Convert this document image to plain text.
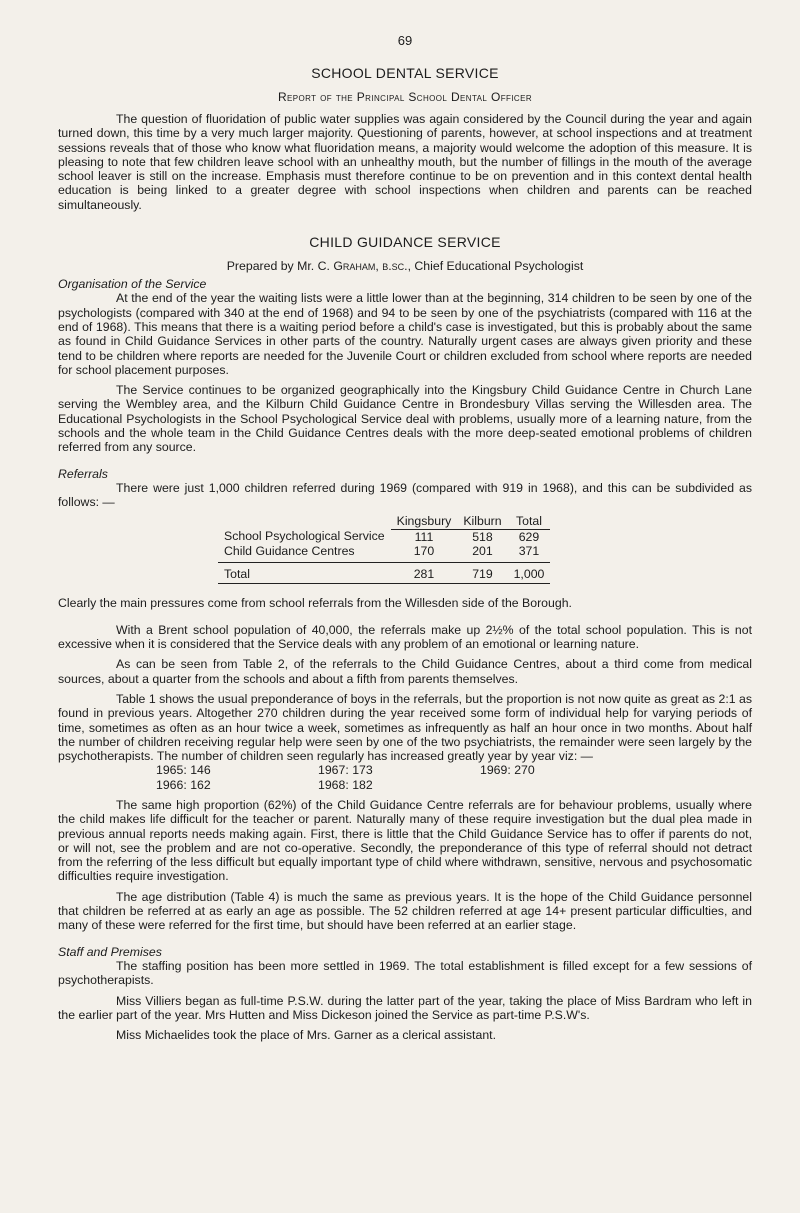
69
SCHOOL DENTAL SERVICE
Report of the Principal School Dental Officer

The question of fluoridation of public water supplies was again considered by the Council during the year and again turned down, this time by a very much larger majority. Questioning of parents, however, at school inspections and at treatment sessions reveals that of those who know what fluoridation means, a majority would welcome the adoption of this measure. It is pleasing to note that few children leave school with an unhealthy mouth, but the number of fillings in the mouth of the average school leaver is still on the increase. Emphasis must therefore continue to be on prevention and in this context dental health education is being linked to a greater degree with school inspections when children and parents can be reached simultaneously.

CHILD GUIDANCE SERVICE
Prepared by Mr. C. Graham, b.sc., Chief Educational Psychologist
Organisation of the Service

At the end of the year the waiting lists were a little lower than at the beginning, 314 children to be seen by one of the psychologists (compared with 340 at the end of 1968) and 94 to be seen by one of the psychiatrists (compared with 116 at the end of 1968). This means that there is a waiting period before a child's case is investigated, but this is probably about the same as found in Child Guidance Services in other parts of the country. Naturally urgent cases are always given priority and these tend to be children where reports are needed for the Juvenile Court or children excluded from school where reports are needed for school placement purposes.

The Service continues to be organized geographically into the Kingsbury Child Guidance Centre in Church Lane serving the Wembley area, and the Kilburn Child Guidance Centre in Brondesbury Villas serving the Willesden area. The Educational Psychologists in the School Psychological Service deal with problems, usually more of a learning nature, from the schools and the whole team in the Child Guidance Centres deals with the more deep-seated emotional problems of children referred from any source.

Referrals

There were just 1,000 children referred during 1969 (compared with 919 in 1968), and this can be subdivided as follows: —

	Kingsbury	Kilburn	Total
School Psychological Service	111	518	629
Child Guidance Centres	170	201	371
Total	281	719	1,000

Clearly the main pressures come from school referrals from the Willesden side of the Borough.

With a Brent school population of 40,000, the referrals make up 2½% of the total school population. This is not excessive when it is considered that the Service deals with any problem of an emotional or learning nature.

As can be seen from Table 2, of the referrals to the Child Guidance Centres, about a third come from medical sources, about a quarter from the schools and about a fifth from parents themselves.

Table 1 shows the usual preponderance of boys in the referrals, but the proportion is not now quite as great as 2:1 as found in previous years. Altogether 270 children during the year received some form of individual help for varying periods of time, sometimes as often as an hour twice a week, sometimes as infrequently as half an hour once in two months. About half the number of children receiving regular help were seen by one of the two psychiatrists, the remainder were seen largely by the psychotherapists. The number of children seen regularly has increased greatly year by year viz: —

1965: 146	1967: 173	1969: 270
1966: 162	1968: 182

The same high proportion (62%) of the Child Guidance Centre referrals are for behaviour problems, usually where the child makes life difficult for the teacher or parent. Naturally many of these require investigation but the dual plea made in previous annual reports needs making again. First, there is little that the Child Guidance Service has to offer if parents do not, or will not, see the problem and are not co-operative. Secondly, the preponderance of this type of referral should not detract from the referring of the less difficult but equally important type of child where withdrawn, sensitive, nervous and psychosomatic difficulties require investigation.

The age distribution (Table 4) is much the same as previous years. It is the hope of the Child Guidance personnel that children be referred at as early an age as possible. The 52 children referred at age 14+ present particular difficulties, and many of these were referred for the first time, but should have been referred at an earlier stage.

Staff and Premises

The staffing position has been more settled in 1969. The total establishment is filled except for a few sessions of psychotherapists.

Miss Villiers began as full-time P.S.W. during the latter part of the year, taking the place of Miss Bardram who left in the earlier part of the year. Mrs Hutten and Miss Dickeson joined the Service as part-time P.S.W's.

Miss Michaelides took the place of Mrs. Garner as a clerical assistant.
